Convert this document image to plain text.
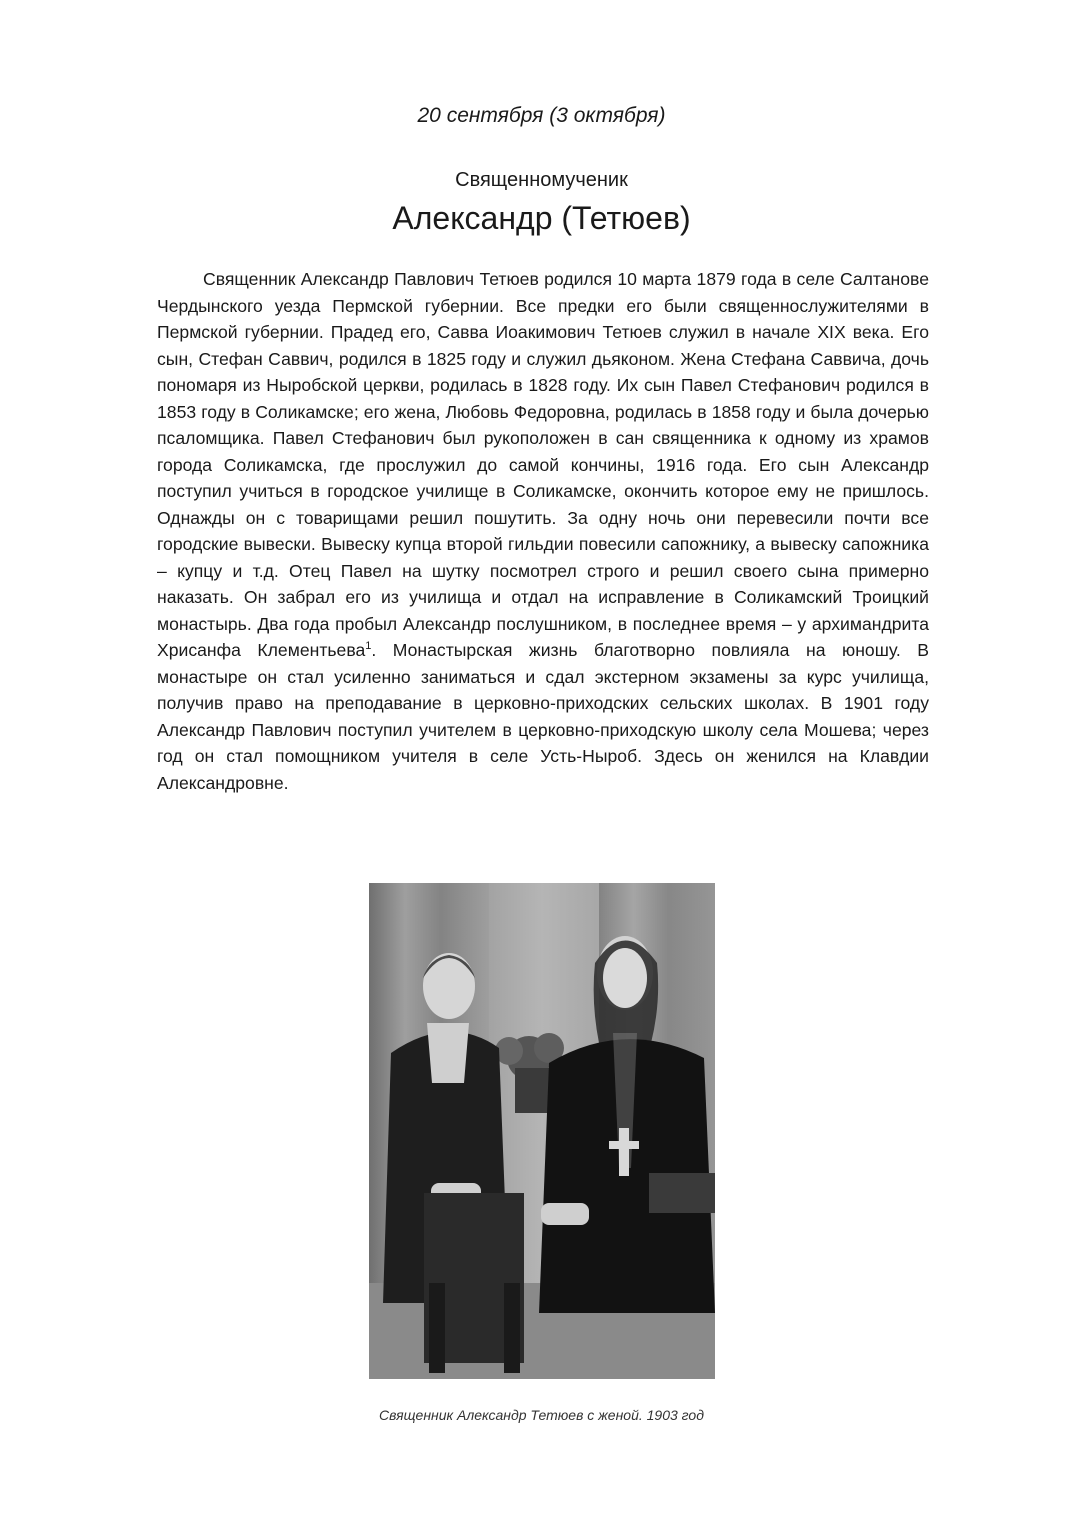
20 сентября (3 октября)
Священномученик
Александр (Тетюев)

Священник Александр Павлович Тетюев родился 10 марта 1879 года в селе Салтанове Чердынского уезда Пермской губернии. Все предки его были священнослужителями в Пермской губернии. Прадед его, Савва Иоакимович Тетюев служил в начале XIX века. Его сын, Стефан Саввич, родился в 1825 году и служил дьяконом. Жена Стефана Саввича, дочь пономаря из Ныробской церкви, родилась в 1828 году. Их сын Павел Стефанович родился в 1853 году в Соликамске; его жена, Любовь Федоровна, родилась в 1858 году и была дочерью псаломщика. Павел Стефанович был рукоположен в сан священника к одному из храмов города Соликамска, где прослужил до самой кончины, 1916 года. Его сын Александр поступил учиться в городское училище в Соликамске, окончить которое ему не пришлось. Однажды он с товарищами решил пошутить. За одну ночь они перевесили почти все городские вывески. Вывеску купца второй гильдии повесили сапожнику, а вывеску сапожника – купцу и т.д. Отец Павел на шутку посмотрел строго и решил своего сына примерно наказать. Он забрал его из училища и отдал на исправление в Соликамский Троицкий монастырь. Два года пробыл Александр послушником, в последнее время – у архимандрита Хрисанфа Клементьева$^1$. Монастырская жизнь благотворно повлияла на юношу. В монастыре он стал усиленно заниматься и сдал экстерном экзамены за курс училища, получив право на преподавание в церковно-приходских сельских школах. В 1901 году Александр Павлович поступил учителем в церковно-приходскую школу села Мошева; через год он стал помощником учителя в селе Усть-Ныроб. Здесь он женился на Клавдии Александровне.

Священник Александр Тетюев с женой. 1903 год
